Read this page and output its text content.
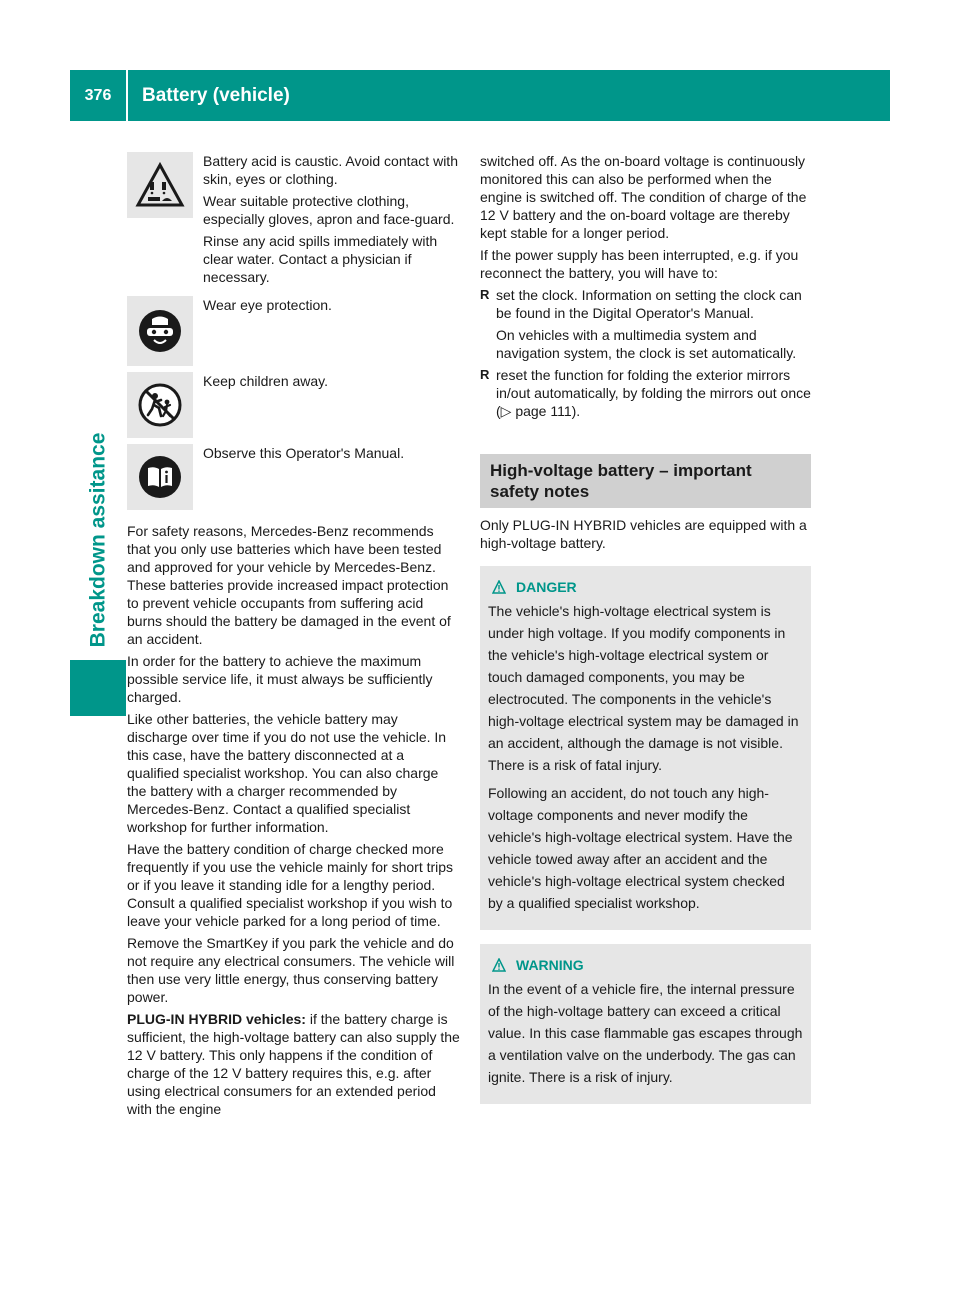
376	Battery (vehicle)
Breakdown assitance

Battery acid is caustic. Avoid contact with skin, eyes or clothing.

Wear suitable protective clothing, especially gloves, apron and face-guard.

Rinse any acid spills immediately with clear water. Contact a physician if necessary.

Wear eye protection.

Keep children away.

Observe this Operator's Manual.

For safety reasons, Mercedes-Benz recommends that you only use batteries which have been tested and approved for your vehicle by Mercedes-Benz. These batteries provide increased impact protection to prevent vehicle occupants from suffering acid burns should the battery be damaged in the event of an accident.

In order for the battery to achieve the maximum possible service life, it must always be sufficiently charged.

Like other batteries, the vehicle battery may discharge over time if you do not use the vehicle. In this case, have the battery disconnected at a qualified specialist workshop. You can also charge the battery with a charger recommended by Mercedes-Benz. Contact a qualified specialist workshop for further information.

Have the battery condition of charge checked more frequently if you use the vehicle mainly for short trips or if you leave it standing idle for a lengthy period. Consult a qualified specialist workshop if you wish to leave your vehicle parked for a long period of time.

Remove the SmartKey if you park the vehicle and do not require any electrical consumers. The vehicle will then use very little energy, thus conserving battery power.

PLUG-IN HYBRID vehicles: if the battery charge is sufficient, the high-voltage battery can also supply the 12 V battery. This only happens if the condition of charge of the 12 V battery requires this, e.g. after using electrical consumers for an extended period with the engine

switched off. As the on-board voltage is continuously monitored this can also be performed when the engine is switched off. The condition of charge of the 12 V battery and the on-board voltage are thereby kept stable for a longer period.

If the power supply has been interrupted, e.g. if you reconnect the battery, you will have to:

R set the clock. Information on setting the clock can be found in the Digital Operator's Manual.
On vehicles with a multimedia system and navigation system, the clock is set automatically.
R reset the function for folding the exterior mirrors in/out automatically, by folding the mirrors out once (▷ page 111).
High-voltage battery – important safety notes

Only PLUG-IN HYBRID vehicles are equipped with a high-voltage battery.

DANGER

The vehicle's high-voltage electrical system is under high voltage. If you modify components in the vehicle's high-voltage electrical system or touch damaged components, you may be electrocuted. The components in the vehicle's high-voltage electrical system may be damaged in an accident, although the damage is not visible. There is a risk of fatal injury.

Following an accident, do not touch any high-voltage components and never modify the vehicle's high-voltage electrical system. Have the vehicle towed away after an accident and the vehicle's high-voltage electrical system checked by a qualified specialist workshop.

WARNING

In the event of a vehicle fire, the internal pressure of the high-voltage battery can exceed a critical value. In this case flammable gas escapes through a ventilation valve on the underbody. The gas can ignite. There is a risk of injury.
